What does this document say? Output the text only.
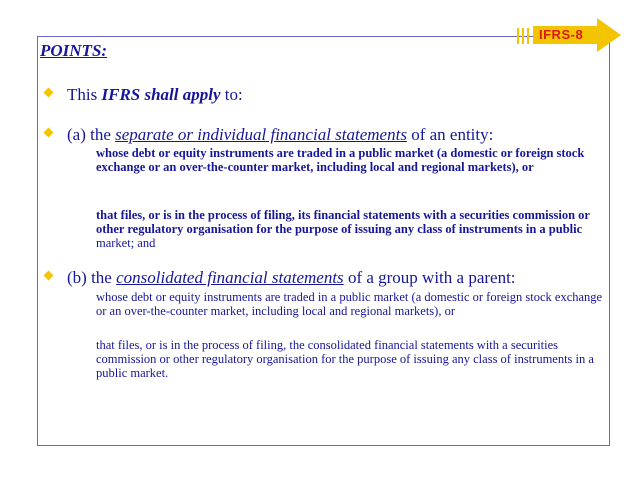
IFRS-8
POINTS:
This IFRS shall apply to:
(a) the separate or individual financial statements of an entity:
whose debt or equity instruments are traded in a public market (a domestic or foreign stock exchange or an over-the-counter market, including local and regional markets), or
that files, or is in the process of filing, its financial statements with a securities commission or other regulatory organisation for the purpose of issuing any class of instruments in a public market; and
(b) the consolidated financial statements of a group with a parent:
whose debt or equity instruments are traded in a public market (a domestic or foreign stock exchange or an over-the-counter market, including local and regional markets), or
that files, or is in the process of filing, the consolidated financial statements with a securities commission or other regulatory organisation for the purpose of issuing any class of instruments in a public market.
